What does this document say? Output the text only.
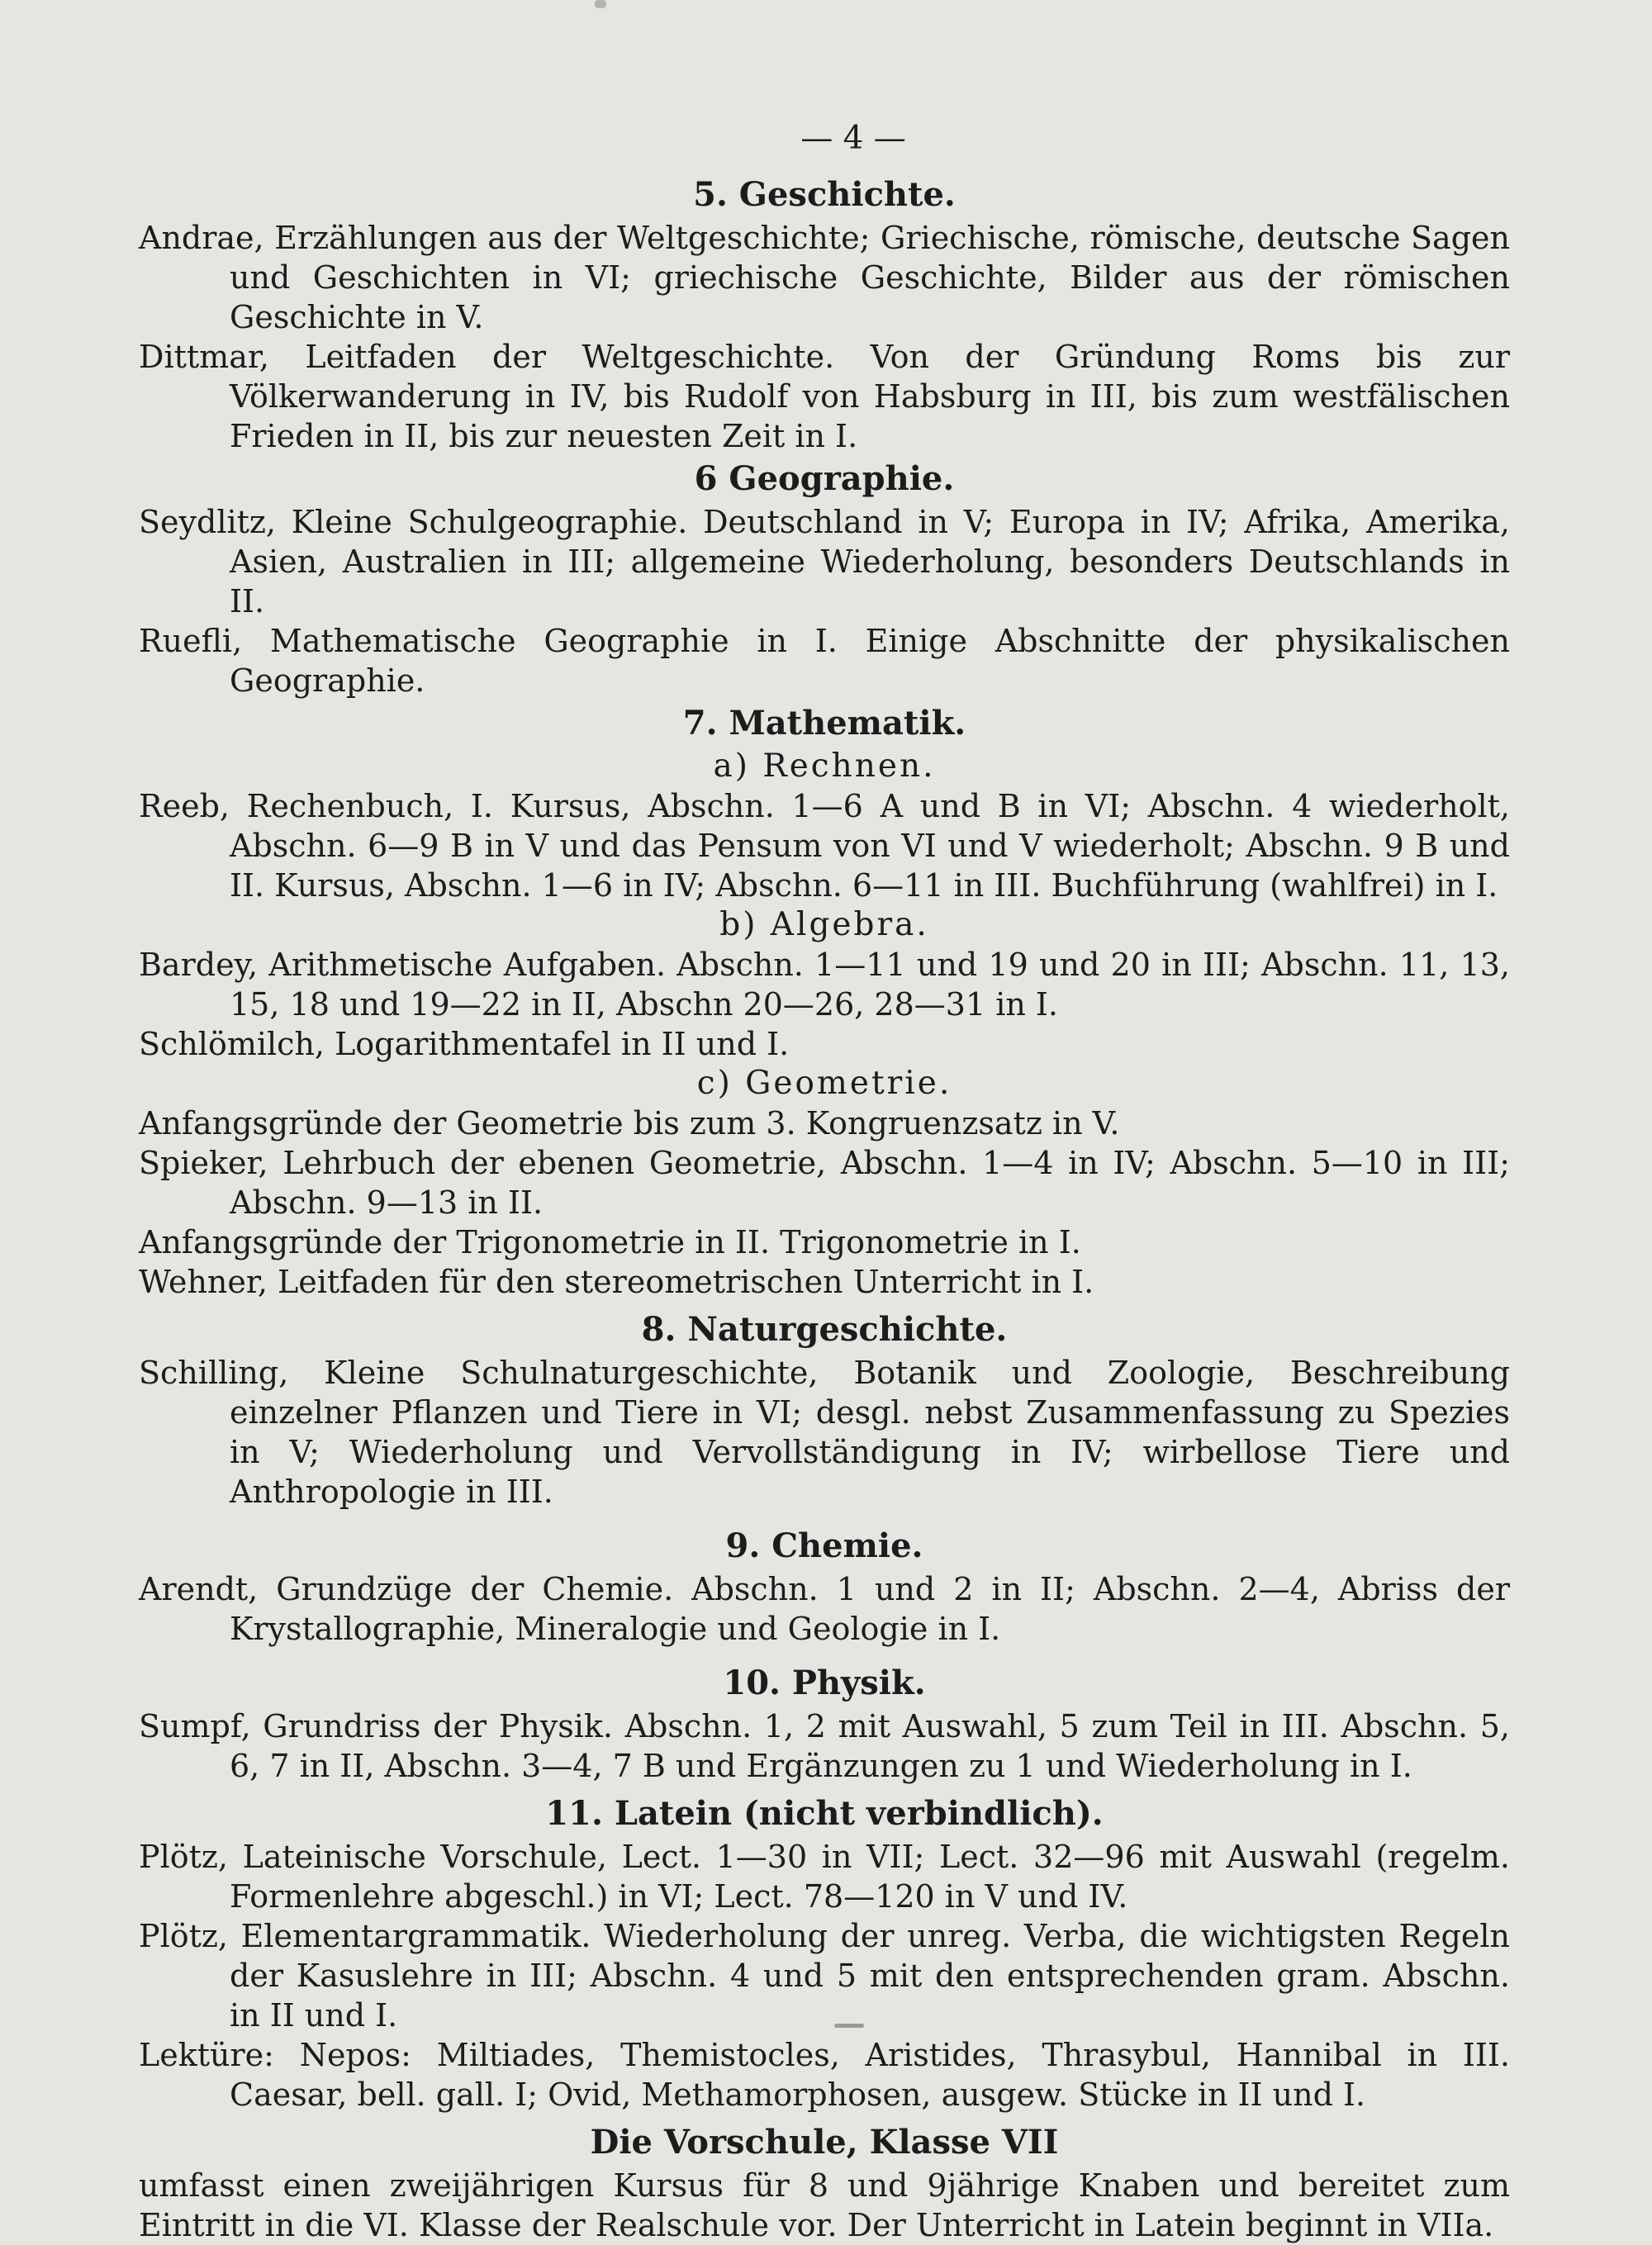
— 4 —
5. Geschichte.

Andrae, Erzählungen aus der Weltgeschichte; Griechische, römische, deutsche Sagen und Geschichten in VI; griechische Geschichte, Bilder aus der römischen Geschichte in V.

Dittmar, Leitfaden der Weltgeschichte. Von der Gründung Roms bis zur Völkerwanderung in IV, bis Rudolf von Habsburg in III, bis zum westfälischen Frieden in II, bis zur neuesten Zeit in I.

6 Geographie.

Seydlitz, Kleine Schulgeographie. Deutschland in V; Europa in IV; Afrika, Amerika, Asien, Australien in III; allgemeine Wiederholung, besonders Deutschlands in II.

Ruefli, Mathematische Geographie in I. Einige Abschnitte der physikalischen Geographie.

7. Mathematik.
a) Rechnen.

Reeb, Rechenbuch, I. Kursus, Abschn. 1—6 A und B in VI; Abschn. 4 wiederholt, Abschn. 6—9 B in V und das Pensum von VI und V wiederholt; Abschn. 9 B und II. Kursus, Abschn. 1—6 in IV; Abschn. 6—11 in III. Buchführung (wahlfrei) in I.

b) Algebra.

Bardey, Arithmetische Aufgaben. Abschn. 1—11 und 19 und 20 in III; Abschn. 11, 13, 15, 18 und 19—22 in II, Abschn 20—26, 28—31 in I.

Schlömilch, Logarithmentafel in II und I.

c) Geometrie.

Anfangsgründe der Geometrie bis zum 3. Kongruenzsatz in V.

Spieker, Lehrbuch der ebenen Geometrie, Abschn. 1—4 in IV; Abschn. 5—10 in III; Abschn. 9—13 in II.

Anfangsgründe der Trigonometrie in II. Trigonometrie in I.

Wehner, Leitfaden für den stereometrischen Unterricht in I.

8. Naturgeschichte.

Schilling, Kleine Schulnaturgeschichte, Botanik und Zoologie, Beschreibung einzelner Pflanzen und Tiere in VI; desgl. nebst Zusammenfassung zu Spezies in V; Wiederholung und Vervollständigung in IV; wirbellose Tiere und Anthropologie in III.

9. Chemie.

Arendt, Grundzüge der Chemie. Abschn. 1 und 2 in II; Abschn. 2—4, Abriss der Krystallographie, Mineralogie und Geologie in I.

10. Physik.

Sumpf, Grundriss der Physik. Abschn. 1, 2 mit Auswahl, 5 zum Teil in III. Abschn. 5, 6, 7 in II, Abschn. 3—4, 7 B und Ergänzungen zu 1 und Wiederholung in I.

11. Latein (nicht verbindlich).

Plötz, Lateinische Vorschule, Lect. 1—30 in VII; Lect. 32—96 mit Auswahl (regelm. Formenlehre abgeschl.) in VI; Lect. 78—120 in V und IV.

Plötz, Elementargrammatik. Wiederholung der unreg. Verba, die wichtigsten Regeln der Kasuslehre in III; Abschn. 4 und 5 mit den entsprechenden gram. Abschn. in II und I.

Lektüre: Nepos: Miltiades, Themistocles, Aristides, Thrasybul, Hannibal in III. Caesar, bell. gall. I; Ovid, Methamorphosen, ausgew. Stücke in II und I.

Die Vorschule, Klasse VII

umfasst einen zweijährigen Kursus für 8 und 9jährige Knaben und bereitet zum Eintritt in die VI. Klasse der Realschule vor. Der Unterricht in Latein beginnt in VIIa.
